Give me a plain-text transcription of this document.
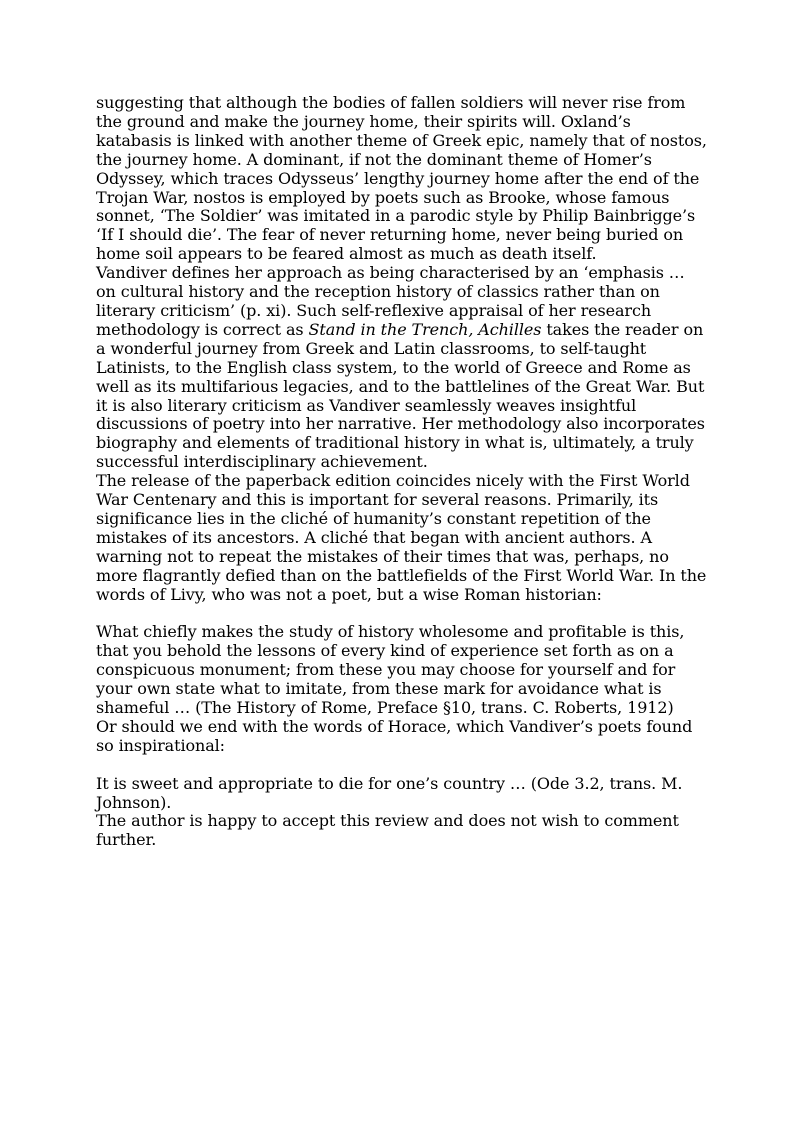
suggesting that although the bodies of fallen soldiers will never rise from the ground and make the journey home, their spirits will. Oxland’s katabasis is linked with another theme of Greek epic, namely that of nostos, the journey home. A dominant, if not the dominant theme of Homer’s Odyssey, which traces Odysseus’ lengthy journey home after the end of the Trojan War, nostos is employed by poets such as Brooke, whose famous sonnet, ‘The Soldier’ was imitated in a parodic style by Philip Bainbrigge’s ‘If I should die’. The fear of never returning home, never being buried on home soil appears to be feared almost as much as death itself.

Vandiver defines her approach as being characterised by an ‘emphasis … on cultural history and the reception history of classics rather than on literary criticism’ (p. xi). Such self-reflexive appraisal of her research methodology is correct as Stand in the Trench, Achilles takes the reader on a wonderful journey from Greek and Latin classrooms, to self-taught Latinists, to the English class system, to the world of Greece and Rome as well as its multifarious legacies, and to the battlelines of the Great War. But it is also literary criticism as Vandiver seamlessly weaves insightful discussions of poetry into her narrative. Her methodology also incorporates biography and elements of traditional history in what is, ultimately, a truly successful interdisciplinary achievement.

The release of the paperback edition coincides nicely with the First World War Centenary and this is important for several reasons. Primarily, its significance lies in the cliché of humanity’s constant repetition of the mistakes of its ancestors. A cliché that began with ancient authors. A warning not to repeat the mistakes of their times that was, perhaps, no more flagrantly defied than on the battlefields of the First World War. In the words of Livy, who was not a poet, but a wise Roman historian:

What chiefly makes the study of history wholesome and profitable is this, that you behold the lessons of every kind of experience set forth as on a conspicuous monument; from these you may choose for yourself and for your own state what to imitate, from these mark for avoidance what is shameful … (The History of Rome, Preface §10, trans. C. Roberts, 1912)

Or should we end with the words of Horace, which Vandiver’s poets found so inspirational:

It is sweet and appropriate to die for one’s country … (Ode 3.2, trans. M. Johnson).

The author is happy to accept this review and does not wish to comment further.
